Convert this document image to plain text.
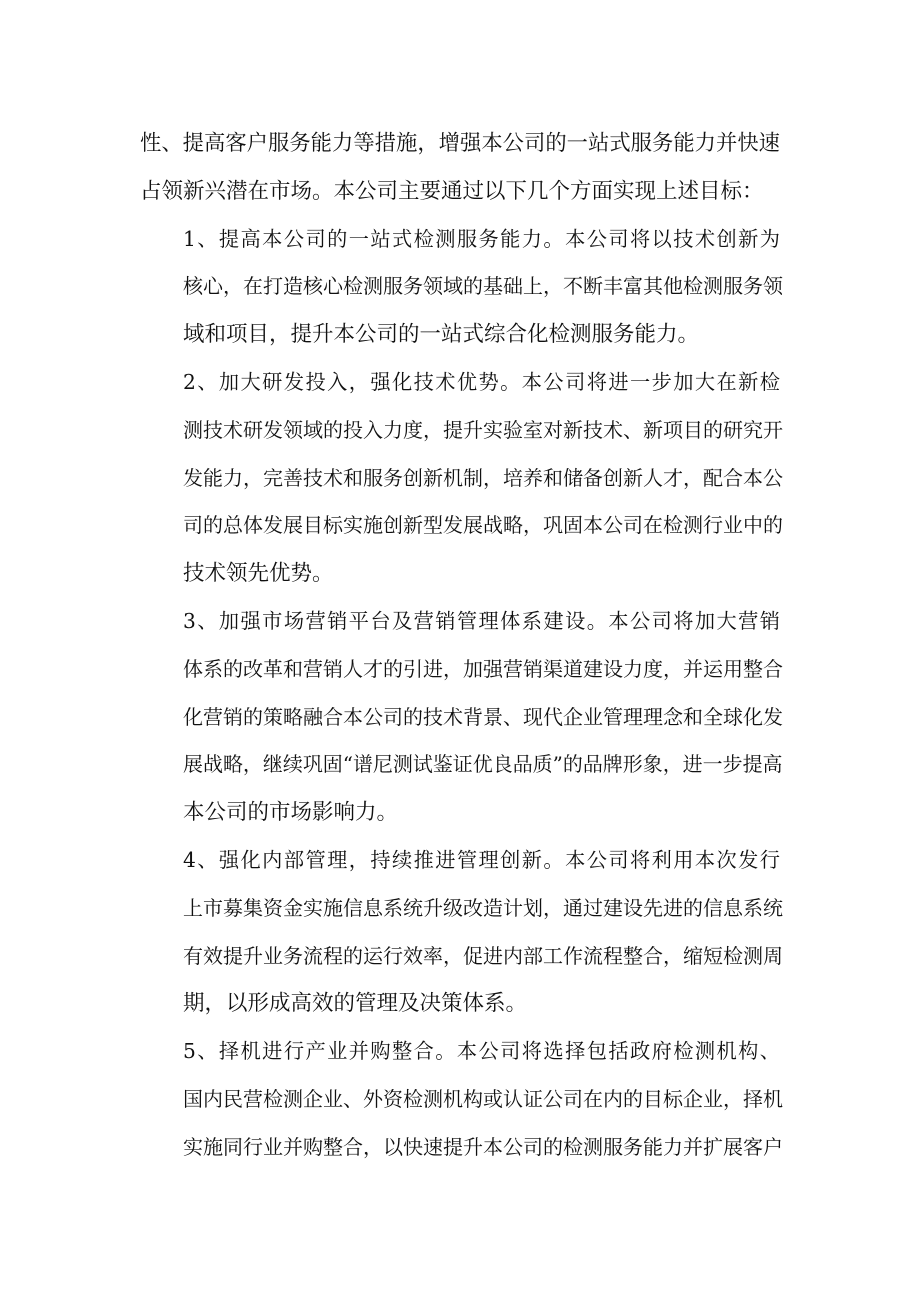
性、提高客户服务能力等措施，增强本公司的一站式服务能力并快速
占领新兴潜在市场。本公司主要通过以下几个方面实现上述目标：

1、提高本公司的一站式检测服务能力。本公司将以技术创新为
核心，在打造核心检测服务领域的基础上，不断丰富其他检测服务领
域和项目，提升本公司的一站式综合化检测服务能力。

2、加大研发投入，强化技术优势。本公司将进一步加大在新检
测技术研发领域的投入力度，提升实验室对新技术、新项目的研究开
发能力，完善技术和服务创新机制，培养和储备创新人才，配合本公
司的总体发展目标实施创新型发展战略，巩固本公司在检测行业中的
技术领先优势。

3、加强市场营销平台及营销管理体系建设。本公司将加大营销
体系的改革和营销人才的引进，加强营销渠道建设力度，并运用整合
化营销的策略融合本公司的技术背景、现代企业管理理念和全球化发
展战略，继续巩固“谱尼测试鉴证优良品质”的品牌形象，进一步提高
本公司的市场影响力。

4、强化内部管理，持续推进管理创新。本公司将利用本次发行
上市募集资金实施信息系统升级改造计划，通过建设先进的信息系统
有效提升业务流程的运行效率，促进内部工作流程整合，缩短检测周
期，以形成高效的管理及决策体系。

5、择机进行产业并购整合。本公司将选择包括政府检测机构、
国内民营检测企业、外资检测机构或认证公司在内的目标企业，择机
实施同行业并购整合，以快速提升本公司的检测服务能力并扩展客户
